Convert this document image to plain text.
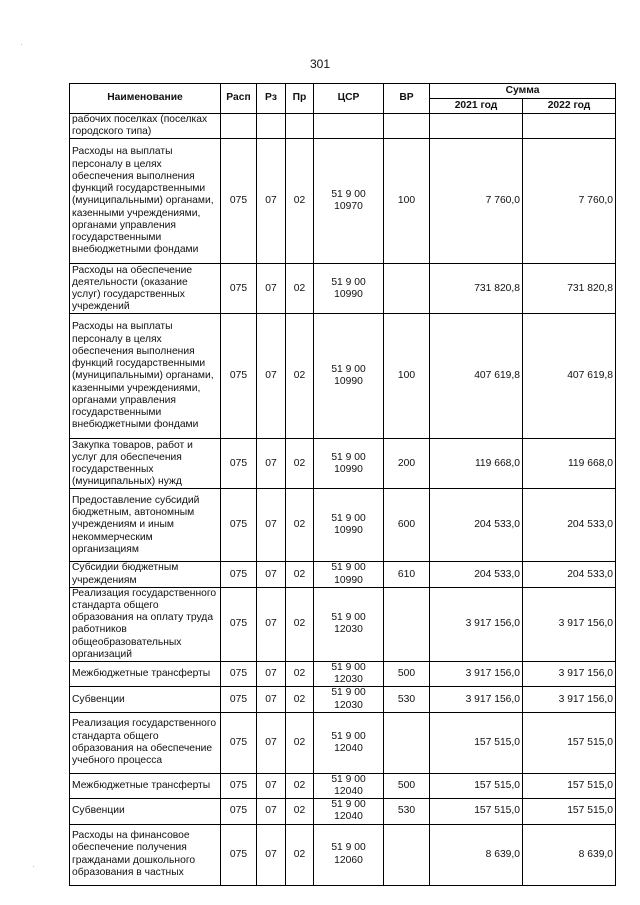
301
Наименование	Расп	Рз	Пр	ЦСР	ВР	Сумма	
						2021 год	2022 год
рабочих поселках (поселках городского типа)							
Расходы на выплаты персоналу в целях обеспечения выполнения функций государственными (муниципальными) органами, казенными учреждениями, органами управления государственными внебюджетными фондами	075	07	02	51 9 00 10970	100	7 760,0	7 760,0
Расходы на обеспечение деятельности (оказание услуг) государственных учреждений	075	07	02	51 9 00 10990		731 820,8	731 820,8
Расходы на выплаты персоналу в целях обеспечения выполнения функций государственными (муниципальными) органами, казенными учреждениями, органами управления государственными внебюджетными фондами	075	07	02	51 9 00 10990	100	407 619,8	407 619,8
Закупка товаров, работ и услуг для обеспечения государственных (муниципальных) нужд	075	07	02	51 9 00 10990	200	119 668,0	119 668,0
Предоставление субсидий бюджетным, автономным учреждениям и иным некоммерческим организациям	075	07	02	51 9 00 10990	600	204 533,0	204 533,0
Субсидии бюджетным учреждениям	075	07	02	51 9 00 10990	610	204 533,0	204 533,0
Реализация государственного стандарта общего образования на оплату труда работников общеобразовательных организаций	075	07	02	51 9 00 12030		3 917 156,0	3 917 156,0
Межбюджетные трансферты	075	07	02	51 9 00 12030	500	3 917 156,0	3 917 156,0
Субвенции	075	07	02	51 9 00 12030	530	3 917 156,0	3 917 156,0
Реализация государственного стандарта общего образования на обеспечение учебного процесса	075	07	02	51 9 00 12040		157 515,0	157 515,0
Межбюджетные трансферты	075	07	02	51 9 00 12040	500	157 515,0	157 515,0
Субвенции	075	07	02	51 9 00 12040	530	157 515,0	157 515,0
Расходы на финансовое обеспечение получения гражданами дошкольного образования в частных	075	07	02	51 9 00 12060		8 639,0	8 639,0
